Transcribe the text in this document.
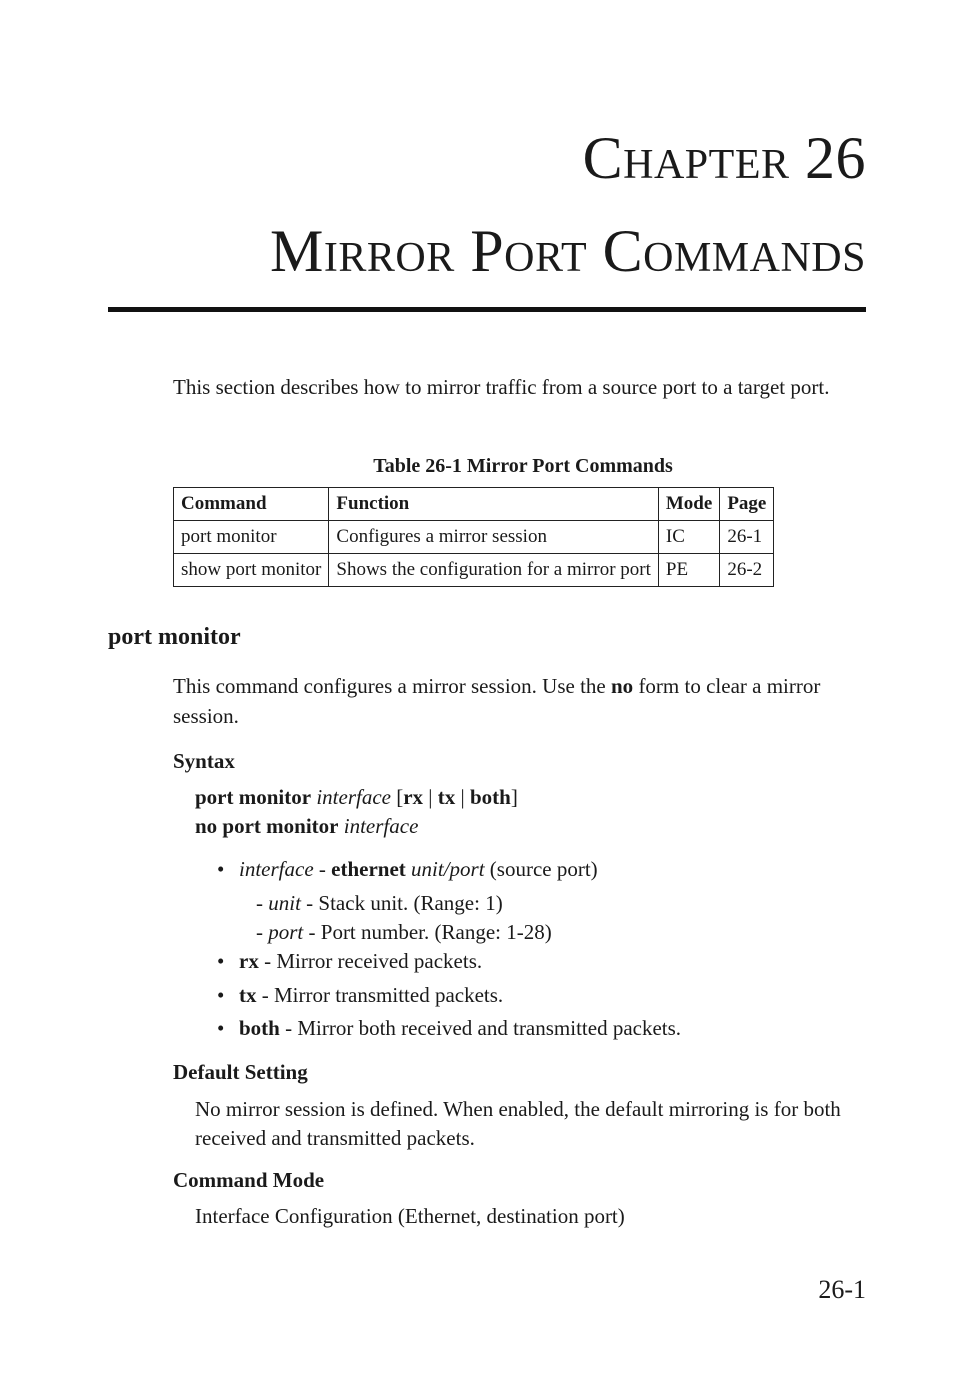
Chapter 26
Mirror Port Commands
This section describes how to mirror traffic from a source port to a target port.
Table 26-1 Mirror Port Commands
Command	Function	Mode	Page
port monitor	Configures a mirror session	IC	26-1
show port monitor	Shows the configuration for a mirror port	PE	26-2
port monitor
This command configures a mirror session. Use the no form to clear a mirror session.
Syntax
port monitor interface [rx | tx | both]
no port monitor interface
• interface - ethernet unit/port (source port)
- unit - Stack unit. (Range: 1)
- port - Port number. (Range: 1-28)
• rx - Mirror received packets.
• tx - Mirror transmitted packets.
• both - Mirror both received and transmitted packets.
Default Setting
No mirror session is defined. When enabled, the default mirroring is for both received and transmitted packets.
Command Mode
Interface Configuration (Ethernet, destination port)
26-1
